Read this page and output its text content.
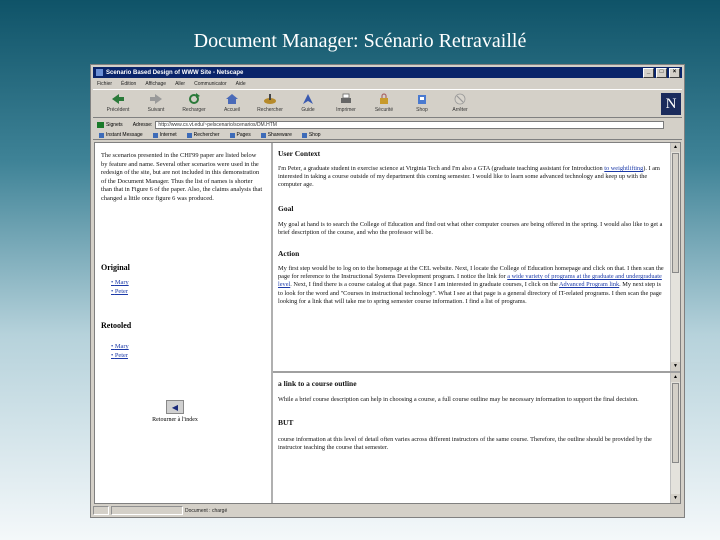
Document Manager: Scénario Retravaillé
Scenario Based Design of WWW Site - Netscape	_	□	×
Fichier Édition Affichage Aller Communicator Aide
Précédent	Suivant	Recharger	Accueil	Rechercher	Guide	Imprimer	Sécurité	Shop	Arrêter	N
Signets Adresse:	http://www.cs.vt.edu/~pelscenario/scenarios/DM.HTM
Instant Message	Internet	Rechercher	Pages	Shareware	Shop
The scenarios presented in the CHI'99 paper are listed below by feature and name. Several other scenarios were used in the redesign of the site, but are not included in this demonstration of the Document Manager. Thus the list of names is shorter than that in Figure 6 of the paper. Also, the claims analysis that changed a little once figure 6 was produced.
Original
• Mary
• Peter
Retooled
• Mary
• Peter
◀
Retourner à l'index
User Context

I'm Peter, a graduate student in exercise science at Virginia Tech and I'm also a GTA (graduate teaching assistant for Introduction to weightlifting). I am interested in taking a course outside of my department this coming semester. I would like to learn some advanced technology and keep up with the computer age.

Goal

My goal at hand is to search the College of Education and find out what other computer courses are being offered in the spring. I would also like to get a brief description of the course, and who the professor will be.

Action

My first step would be to log on to the homepage at the CEL website. Next, I locate the College of Education homepage and click on that. I then scan the page for reference to the Instructional Systems Development program. I notice the link for a wide variety of programs at the graduate and undergraduate level. Next, I find there is a course catalog at that page. Since I am interested in graduate courses, I click on the Advanced Program link. My next step is to look for the word and "Courses in instructional technology". What I see at that page is a general directory of IT-related programs. I then scan the page looking for a link that will take me to spring semester course information. I find a list of programs.

▲
▼
a link to a course outline

While a brief course description can help in choosing a course, a full course outline may be necessary information to support the final decision.

BUT

course information at this level of detail often varies across different instructors of the same course. Therefore, the outline should be provided by the instructor teaching the course that semester.

▲
▼
Document : chargé
